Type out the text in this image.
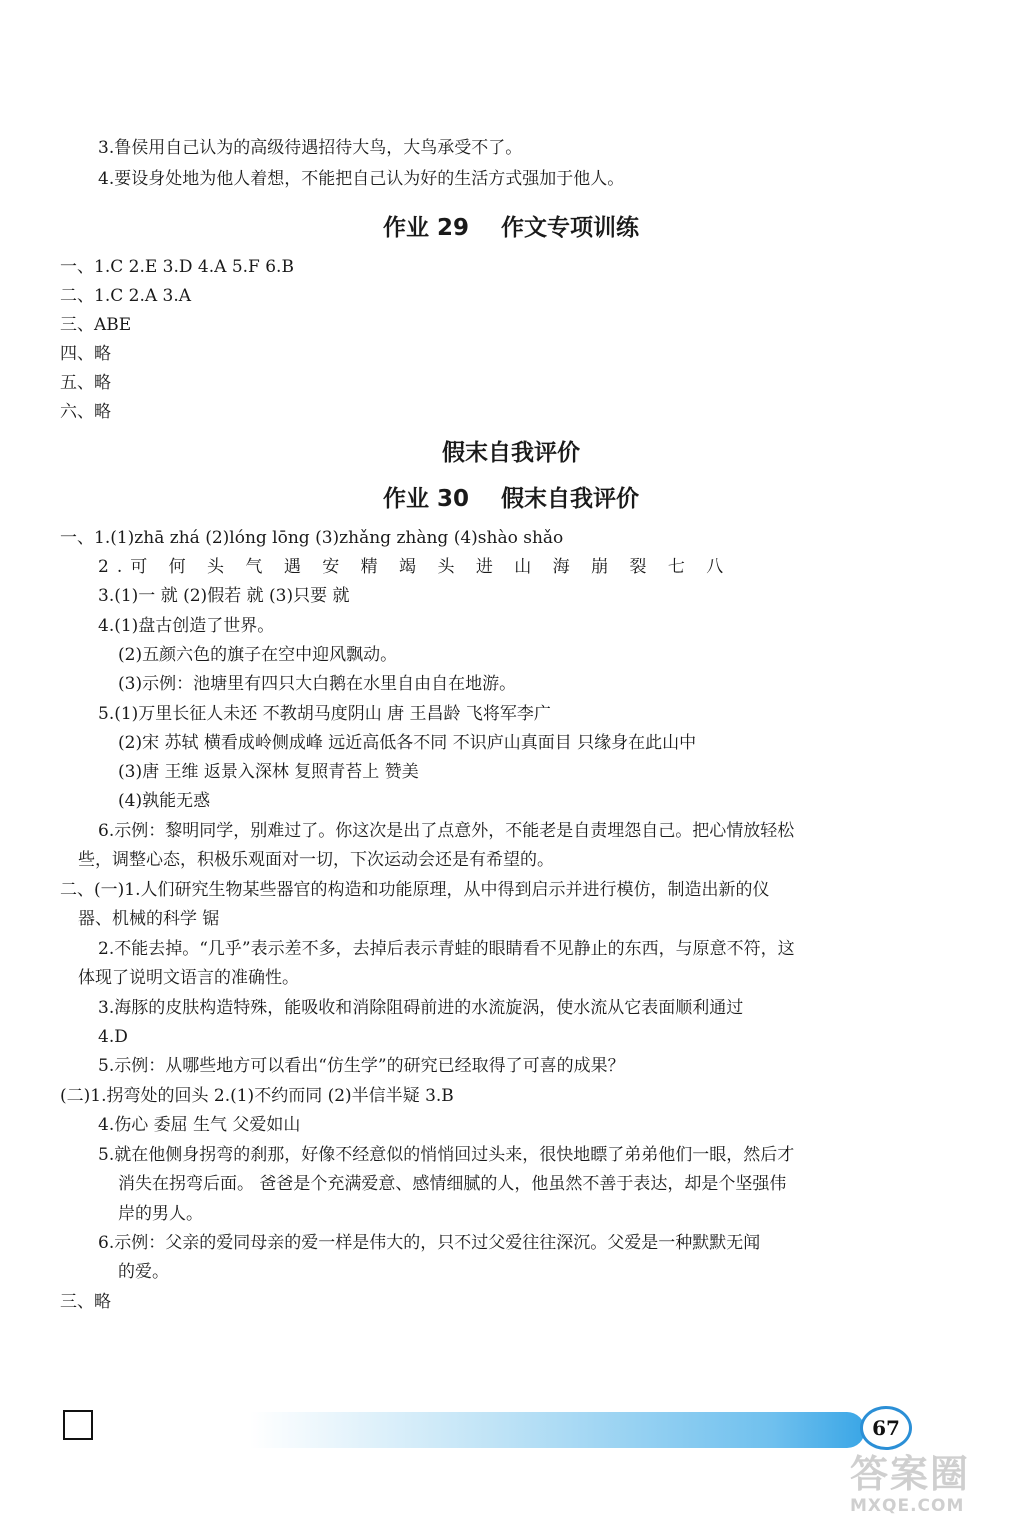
3.鲁侯用自己认为的高级待遇招待大鸟，大鸟承受不了。
4.要设身处地为他人着想，不能把自己认为好的生活方式强加于他人。
作业 29    作文专项训练
一、1.C 2.E 3.D 4.A 5.F 6.B
二、1.C 2.A 3.A
三、ABE
四、略
五、略
六、略
假末自我评价
作业 30    假末自我评价
一、1.(1)zhā zhá (2)lóng lōng (3)zhǎng zhàng (4)shào shǎo
2.可 何 头 气 遇 安 精 竭 头 进 山 海 崩 裂 七 八
3.(1)一 就 (2)假若 就 (3)只要 就
4.(1)盘古创造了世界。
(2)五颜六色的旗子在空中迎风飘动。
(3)示例：池塘里有四只大白鹅在水里自由自在地游。
5.(1)万里长征人未还 不教胡马度阴山 唐 王昌龄 飞将军李广
(2)宋 苏轼 横看成岭侧成峰 远近高低各不同 不识庐山真面目 只缘身在此山中
(3)唐 王维 返景入深林 复照青苔上 赞美
(4)孰能无惑
6.示例：黎明同学，别难过了。你这次是出了点意外，不能老是自责埋怨自己。把心情放轻松
些，调整心态，积极乐观面对一切，下次运动会还是有希望的。
二、(一)1.人们研究生物某些器官的构造和功能原理，从中得到启示并进行模仿，制造出新的仪
器、机械的科学 锯
2.不能去掉。“几乎”表示差不多，去掉后表示青蛙的眼睛看不见静止的东西，与原意不符，这
体现了说明文语言的准确性。
3.海豚的皮肤构造特殊，能吸收和消除阻碍前进的水流旋涡，使水流从它表面顺利通过
4.D
5.示例：从哪些地方可以看出“仿生学”的研究已经取得了可喜的成果？
(二)1.拐弯处的回头 2.(1)不约而同 (2)半信半疑 3.B
4.伤心 委屈 生气 父爱如山
5.就在他侧身拐弯的刹那，好像不经意似的悄悄回过头来，很快地瞟了弟弟他们一眼，然后才
消失在拐弯后面。 爸爸是个充满爱意、感情细腻的人，他虽然不善于表达，却是个坚强伟
岸的男人。
6.示例：父亲的爱同母亲的爱一样是伟大的，只不过父爱往往深沉。父爱是一种默默无闻
的爱。
三、略
67
答案圈
MXQE.COM
